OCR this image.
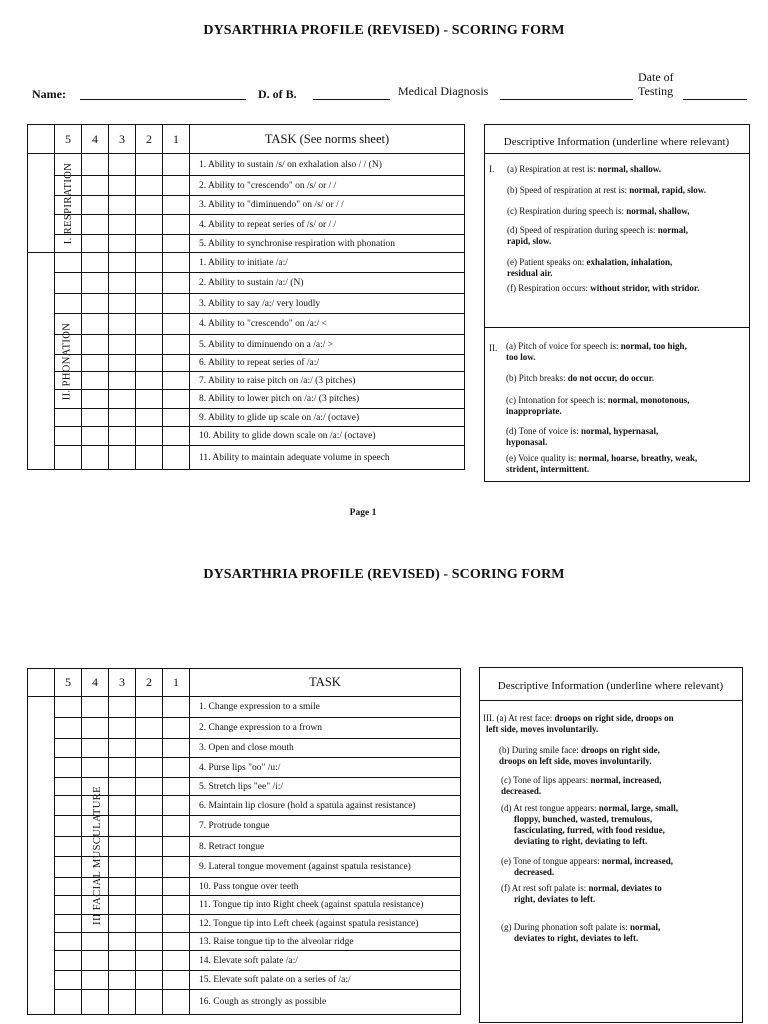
DYSARTHRIA PROFILE (REVISED) - SCORING FORM
Name:	D. of B.	Medical Diagnosis
Date of
Testing
	5	4	3	2	1	TASK (See norms sheet)
I. RESPIRATION						1. Ability to sustain /s/ on exhalation also / / (N)
						2. Ability to "crescendo" on /s/ or / /
						3. Ability to "diminuendo" on /s/ or / /
						4. Ability to repeat series of /s/ or / /
						5. Ability to synchronise respiration with phonation
II. PHONATION						1. Ability to initiate /a:/
						2. Ability to sustain /a:/ (N)
						3. Ability to say /a:/ very loudly
						4. Ability to "crescendo" on /a:/ <
						5. Ability to diminuendo on a /a:/ >
						6. Ability to repeat series of /a:/
						7. Ability to raise pitch on /a:/ (3 pitches)
						8. Ability to lower pitch on /a:/ (3 pitches)
						9. Ability to glide up scale on /a:/ (octave)
						10. Ability to glide down scale on /a:/ (octave)
						11. Ability to maintain adequate volume in speech
Descriptive Information (underline where relevant)
I. (a) Respiration at rest is: normal, shallow.
(b) Speed of respiration at rest is: normal, rapid, slow.
(c) Respiration during speech is: normal, shallow,
(d) Speed of respiration during speech is: normal,
rapid, slow.
(e) Patient speaks on: exhalation, inhalation,
residual air.
(f) Respiration occurs: without stridor, with stridor.
II. (a) Pitch of voice for speech is: normal, too high,
too low.
(b) Pitch breaks: do not occur, do occur.
(c) Intonation for speech is: normal, monotonous,
inappropriate.
(d) Tone of voice is: normal, hypernasal,
hyponasal.
(e) Voice quality is: normal, hoarse, breathy, weak,
strident, intermittent.
Page 1
DYSARTHRIA PROFILE (REVISED) - SCORING FORM
	5	4	3	2	1	TASK
III FACIAL MUSCULATURE						1. Change expression to a smile
						2. Change expression to a frown
						3. Open and close mouth
						4. Purse lips "oo" /u:/
						5. Stretch lips "ee" /i:/
						6. Maintain lip closure (hold a spatula against resistance)
						7. Protrude tongue
						8. Retract tongue
						9. Lateral tongue movement (against spatula resistance)
						10. Pass tongue over teeth
						11. Tongue tip into Right cheek (against spatula resistance)
						12. Tongue tip into Left cheek (against spatula resistance)
						13. Raise tongue tip to the alveolar ridge
						14. Elevate soft palate /a:/
						15. Elevate soft palate on a series of /a:/
						16. Cough as strongly as possible
Descriptive Information (underline where relevant)
III. (a) At rest face: droops on right side, droops on
left side, moves involuntarily.
(b) During smile face: droops on right side,
droops on left side, moves involuntarily.
(c) Tone of lips appears: normal, increased,
decreased.
(d) At rest tongue appears: normal, large, small,
floppy, bunched, wasted, tremulous,
fasciculating, furred, with food residue,
deviating to right, deviating to left.
(e) Tone of tongue appears: normal, increased,
decreased.
(f) At rest soft palate is: normal, deviates to
right, deviates to left.
(g) During phonation soft palate is: normal,
deviates to right, deviates to left.
